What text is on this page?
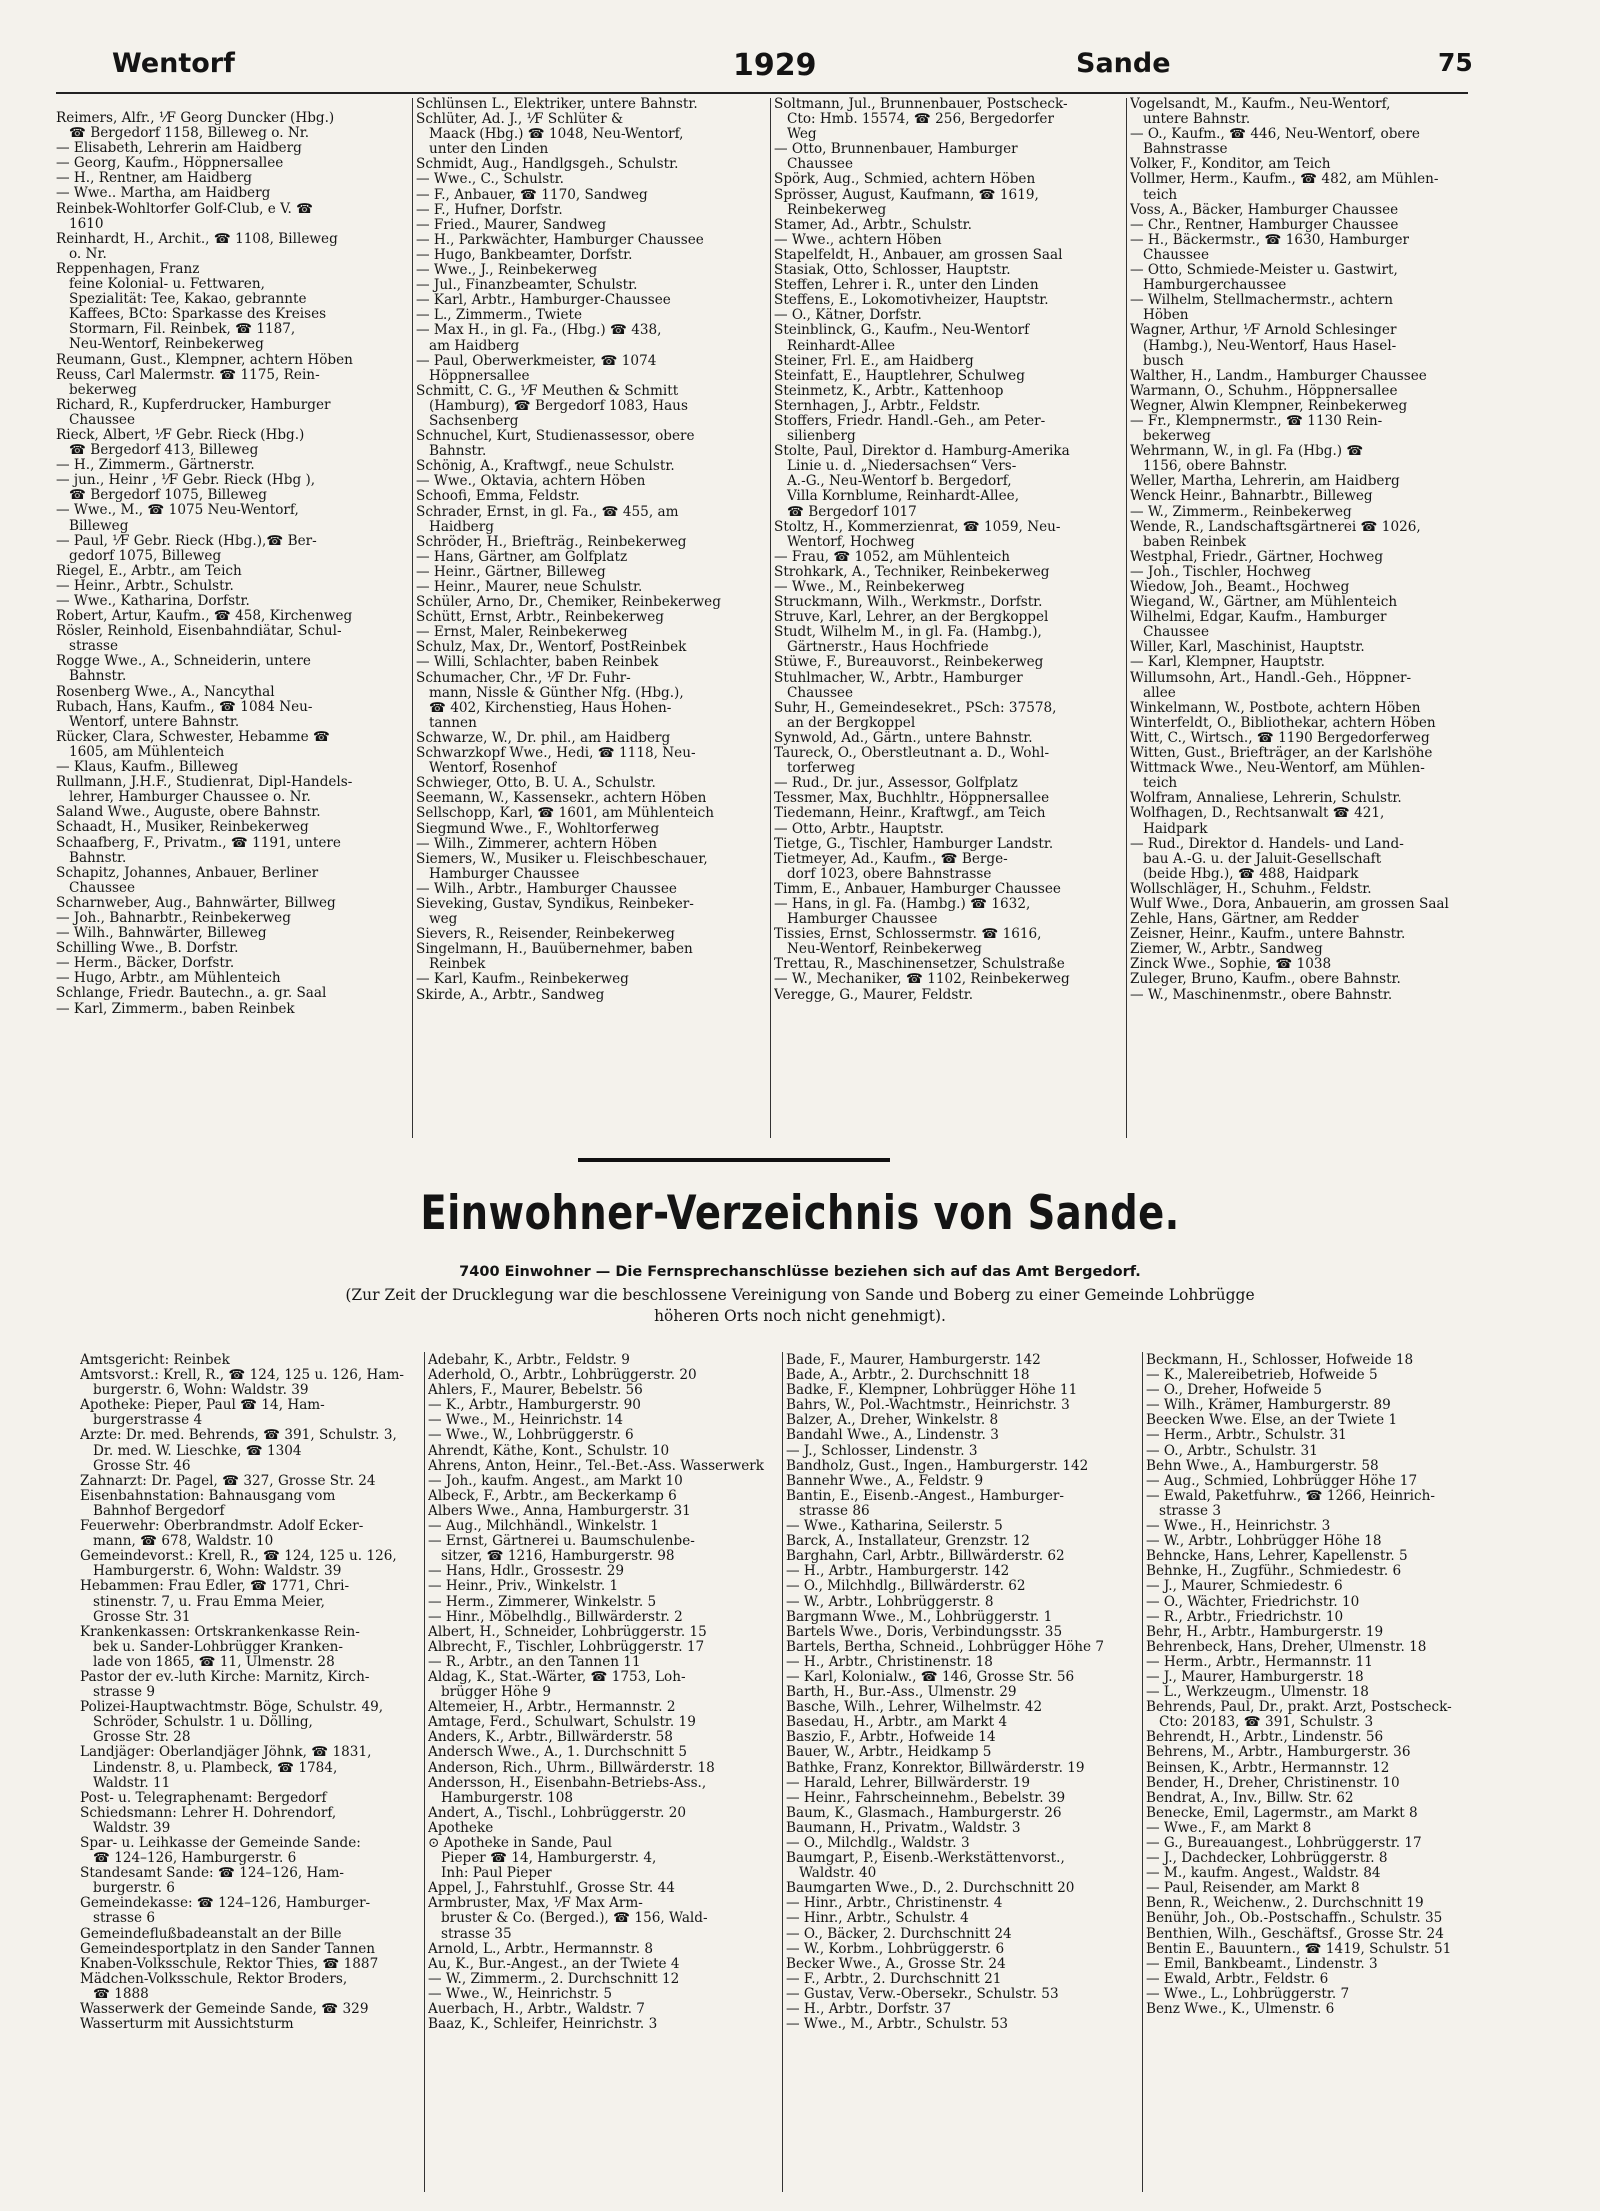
Wentorf	1929	Sande	75
Reimers, Alfr., ⅟F Georg Duncker (Hbg.)
☎ Bergedorf 1158, Billeweg o. Nr.
— Elisabeth, Lehrerin am Haidberg
— Georg, Kaufm., Höppnersallee
— H., Rentner, am Haidberg
— Wwe.. Martha, am Haidberg
Reinbek-Wohltorfer Golf-Club, e V. ☎
1610
Reinhardt, H., Archit., ☎ 1108, Billeweg
o. Nr.
Reppenhagen, Franz
feine Kolonial- u. Fettwaren,
Spezialität: Tee, Kakao, gebrannte
Kaffees, BCto: Sparkasse des Kreises
Stormarn, Fil. Reinbek, ☎ 1187,
Neu-Wentorf, Reinbekerweg
Reumann, Gust., Klempner, achtern Höben
Reuss, Carl Malermstr. ☎ 1175, Rein-
bekerweg
Richard, R., Kupferdrucker, Hamburger
Chaussee
Rieck, Albert, ⅟F Gebr. Rieck (Hbg.)
☎ Bergedorf 413, Billeweg
— H., Zimmerm., Gärtnerstr.
— jun., Heinr , ⅟F Gebr. Rieck (Hbg ),
☎ Bergedorf 1075, Billeweg
— Wwe., M., ☎ 1075 Neu-Wentorf,
Billeweg
— Paul, ⅟F Gebr. Rieck (Hbg.),☎ Ber-
gedorf 1075, Billeweg
Riegel, E., Arbtr., am Teich
— Heinr., Arbtr., Schulstr.
— Wwe., Katharina, Dorfstr.
Robert, Artur, Kaufm., ☎ 458, Kirchenweg
Rösler, Reinhold, Eisenbahndiätar, Schul-
strasse
Rogge Wwe., A., Schneiderin, untere
Bahnstr.
Rosenberg Wwe., A., Nancythal
Rubach, Hans, Kaufm., ☎ 1084 Neu-
Wentorf, untere Bahnstr.
Rücker, Clara, Schwester, Hebamme ☎
1605, am Mühlenteich
— Klaus, Kaufm., Billeweg
Rullmann, J.H.F., Studienrat, Dipl-Handels-
lehrer, Hamburger Chaussee o. Nr.
Saland Wwe., Auguste, obere Bahnstr.
Schaadt, H., Musiker, Reinbekerweg
Schaafberg, F., Privatm., ☎ 1191, untere
Bahnstr.
Schapitz, Johannes, Anbauer, Berliner
Chaussee
Scharnweber, Aug., Bahnwärter, Billweg
— Joh., Bahnarbtr., Reinbekerweg
— Wilh., Bahnwärter, Billeweg
Schilling Wwe., B. Dorfstr.
— Herm., Bäcker, Dorfstr.
— Hugo, Arbtr., am Mühlenteich
Schlange, Friedr. Bautechn., a. gr. Saal
— Karl, Zimmerm., baben Reinbek
Schlünsen L., Elektriker, untere Bahnstr.
Schlüter, Ad. J., ⅟F Schlüter &
Maack (Hbg.) ☎ 1048, Neu-Wentorf,
unter den Linden
Schmidt, Aug., Handlgsgeh., Schulstr.
— Wwe., C., Schulstr.
— F., Anbauer, ☎ 1170, Sandweg
— F., Hufner, Dorfstr.
— Fried., Maurer, Sandweg
— H., Parkwächter, Hamburger Chaussee
— Hugo, Bankbeamter, Dorfstr.
— Wwe., J., Reinbekerweg
— Jul., Finanzbeamter, Schulstr.
— Karl, Arbtr., Hamburger-Chaussee
— L., Zimmerm., Twiete
— Max H., in gl. Fa., (Hbg.) ☎ 438,
am Haidberg
— Paul, Oberwerkmeister, ☎ 1074
Höppnersallee
Schmitt, C. G., ⅟F Meuthen & Schmitt
(Hamburg), ☎ Bergedorf 1083, Haus
Sachsenberg
Schnuchel, Kurt, Studienassessor, obere
Bahnstr.
Schönig, A., Kraftwgf., neue Schulstr.
— Wwe., Oktavia, achtern Höben
Schoofi, Emma, Feldstr.
Schrader, Ernst, in gl. Fa., ☎ 455, am
Haidberg
Schröder, H., Briefträg., Reinbekerweg
— Hans, Gärtner, am Golfplatz
— Heinr., Gärtner, Billeweg
— Heinr., Maurer, neue Schulstr.
Schüler, Arno, Dr., Chemiker, Reinbekerweg
Schütt, Ernst, Arbtr., Reinbekerweg
— Ernst, Maler, Reinbekerweg
Schulz, Max, Dr., Wentorf, PostReinbek
— Willi, Schlachter, baben Reinbek
Schumacher, Chr., ⅟F Dr. Fuhr-
mann, Nissle & Günther Nfg. (Hbg.),
☎ 402, Kirchenstieg, Haus Hohen-
tannen
Schwarze, W., Dr. phil., am Haidberg
Schwarzkopf Wwe., Hedi, ☎ 1118, Neu-
Wentorf, Rosenhof
Schwieger, Otto, B. U. A., Schulstr.
Seemann, W., Kassensekr., achtern Höben
Sellschopp, Karl, ☎ 1601, am Mühlenteich
Siegmund Wwe., F., Wohltorferweg
— Wilh., Zimmerer, achtern Höben
Siemers, W., Musiker u. Fleischbeschauer,
Hamburger Chaussee
— Wilh., Arbtr., Hamburger Chaussee
Sieveking, Gustav, Syndikus, Reinbeker-
weg
Sievers, R., Reisender, Reinbekerweg
Singelmann, H., Bauübernehmer, baben
Reinbek
— Karl, Kaufm., Reinbekerweg
Skirde, A., Arbtr., Sandweg
Soltmann, Jul., Brunnenbauer, Postscheck-
Cto: Hmb. 15574, ☎ 256, Bergedorfer
Weg
— Otto, Brunnenbauer, Hamburger
Chaussee
Spörk, Aug., Schmied, achtern Höben
Sprösser, August, Kaufmann, ☎ 1619,
Reinbekerweg
Stamer, Ad., Arbtr., Schulstr.
— Wwe., achtern Höben
Stapelfeldt, H., Anbauer, am grossen Saal
Stasiak, Otto, Schlosser, Hauptstr.
Steffen, Lehrer i. R., unter den Linden
Steffens, E., Lokomotivheizer, Hauptstr.
— O., Kätner, Dorfstr.
Steinblinck, G., Kaufm., Neu-Wentorf
Reinhardt-Allee
Steiner, Frl. E., am Haidberg
Steinfatt, E., Hauptlehrer, Schulweg
Steinmetz, K., Arbtr., Kattenhoop
Sternhagen, J., Arbtr., Feldstr.
Stoffers, Friedr. Handl.-Geh., am Peter-
silienberg
Stolte, Paul, Direktor d. Hamburg-Amerika
Linie u. d. „Niedersachsen“ Vers-
A.-G., Neu-Wentorf b. Bergedorf,
Villa Kornblume, Reinhardt-Allee,
☎ Bergedorf 1017
Stoltz, H., Kommerzienrat, ☎ 1059, Neu-
Wentorf, Hochweg
— Frau, ☎ 1052, am Mühlenteich
Strohkark, A., Techniker, Reinbekerweg
— Wwe., M., Reinbekerweg
Struckmann, Wilh., Werkmstr., Dorfstr.
Struve, Karl, Lehrer, an der Bergkoppel
Studt, Wilhelm M., in gl. Fa. (Hambg.),
Gärtnerstr., Haus Hochfriede
Stüwe, F., Bureauvorst., Reinbekerweg
Stuhlmacher, W., Arbtr., Hamburger
Chaussee
Suhr, H., Gemeindesekret., PSch: 37578,
an der Bergkoppel
Synwold, Ad., Gärtn., untere Bahnstr.
Taureck, O., Oberstleutnant a. D., Wohl-
torferweg
— Rud., Dr. jur., Assessor, Golfplatz
Tessmer, Max, Buchhltr., Höppnersallee
Tiedemann, Heinr., Kraftwgf., am Teich
— Otto, Arbtr., Hauptstr.
Tietge, G., Tischler, Hamburger Landstr.
Tietmeyer, Ad., Kaufm., ☎ Berge-
dorf 1023, obere Bahnstrasse
Timm, E., Anbauer, Hamburger Chaussee
— Hans, in gl. Fa. (Hambg.) ☎ 1632,
Hamburger Chaussee
Tissies, Ernst, Schlossermstr. ☎ 1616,
Neu-Wentorf, Reinbekerweg
Trettau, R., Maschinensetzer, Schulstraße
— W., Mechaniker, ☎ 1102, Reinbekerweg
Veregge, G., Maurer, Feldstr.
Vogelsandt, M., Kaufm., Neu-Wentorf,
untere Bahnstr.
— O., Kaufm., ☎ 446, Neu-Wentorf, obere
Bahnstrasse
Volker, F., Konditor, am Teich
Vollmer, Herm., Kaufm., ☎ 482, am Mühlen-
teich
Voss, A., Bäcker, Hamburger Chaussee
— Chr., Rentner, Hamburger Chaussee
— H., Bäckermstr., ☎ 1630, Hamburger
Chaussee
— Otto, Schmiede-Meister u. Gastwirt,
Hamburgerchaussee
— Wilhelm, Stellmachermstr., achtern
Höben
Wagner, Arthur, ⅟F Arnold Schlesinger
(Hambg.), Neu-Wentorf, Haus Hasel-
busch
Walther, H., Landm., Hamburger Chaussee
Warmann, O., Schuhm., Höppnersallee
Wegner, Alwin Klempner, Reinbekerweg
— Fr., Klempnermstr., ☎ 1130 Rein-
bekerweg
Wehrmann, W., in gl. Fa (Hbg.) ☎
1156, obere Bahnstr.
Weller, Martha, Lehrerin, am Haidberg
Wenck Heinr., Bahnarbtr., Billeweg
— W., Zimmerm., Reinbekerweg
Wende, R., Landschaftsgärtnerei ☎ 1026,
baben Reinbek
Westphal, Friedr., Gärtner, Hochweg
— Joh., Tischler, Hochweg
Wiedow, Joh., Beamt., Hochweg
Wiegand, W., Gärtner, am Mühlenteich
Wilhelmi, Edgar, Kaufm., Hamburger
Chaussee
Willer, Karl, Maschinist, Hauptstr.
— Karl, Klempner, Hauptstr.
Willumsohn, Art., Handl.-Geh., Höppner-
allee
Winkelmann, W., Postbote, achtern Höben
Winterfeldt, O., Bibliothekar, achtern Höben
Witt, C., Wirtsch., ☎ 1190 Bergedorferweg
Witten, Gust., Briefträger, an der Karlshöhe
Wittmack Wwe., Neu-Wentorf, am Mühlen-
teich
Wolfram, Annaliese, Lehrerin, Schulstr.
Wolfhagen, D., Rechtsanwalt ☎ 421,
Haidpark
— Rud., Direktor d. Handels- und Land-
bau A.-G. u. der Jaluit-Gesellschaft
(beide Hbg.), ☎ 488, Haidpark
Wollschläger, H., Schuhm., Feldstr.
Wulf Wwe., Dora, Anbauerin, am grossen Saal
Zehle, Hans, Gärtner, am Redder
Zeisner, Heinr., Kaufm., untere Bahnstr.
Ziemer, W., Arbtr., Sandweg
Zinck Wwe., Sophie, ☎ 1038
Zuleger, Bruno, Kaufm., obere Bahnstr.
— W., Maschinenmstr., obere Bahnstr.
Einwohner-Verzeichnis von Sande.
7400 Einwohner — Die Fernsprechanschlüsse beziehen sich auf das Amt Bergedorf.
(Zur Zeit der Drucklegung war die beschlossene Vereinigung von Sande und Boberg zu einer Gemeinde Lohbrügge
höheren Orts noch nicht genehmigt).
Amtsgericht: Reinbek
Amtsvorst.: Krell, R., ☎ 124, 125 u. 126, Ham-
burgerstr. 6, Wohn: Waldstr. 39
Apotheke: Pieper, Paul ☎ 14, Ham-
burgerstrasse 4
Ärzte: Dr. med. Behrends, ☎ 391, Schulstr. 3,
Dr. med. W. Lieschke, ☎ 1304
Grosse Str. 46
Zahnarzt: Dr. Pagel, ☎ 327, Grosse Str. 24
Eisenbahnstation: Bahnausgang vom
Bahnhof Bergedorf
Feuerwehr: Oberbrandmstr. Adolf Ecker-
mann, ☎ 678, Waldstr. 10
Gemeindevorst.: Krell, R., ☎ 124, 125 u. 126,
Hamburgerstr. 6, Wohn: Waldstr. 39
Hebammen: Frau Edler, ☎ 1771, Chri-
stinenstr. 7, u. Frau Emma Meier,
Grosse Str. 31
Krankenkassen: Ortskrankenkasse Rein-
bek u. Sander-Lohbrügger Kranken-
lade von 1865, ☎ 11, Ulmenstr. 28
Pastor der ev.-luth Kirche: Marnitz, Kirch-
strasse 9
Polizei-Hauptwachtmstr. Böge, Schulstr. 49,
Schröder, Schulstr. 1 u. Dölling,
Grosse Str. 28
Landjäger: Oberlandjäger Jöhnk, ☎ 1831,
Lindenstr. 8, u. Plambeck, ☎ 1784,
Waldstr. 11
Post- u. Telegraphenamt: Bergedorf
Schiedsmann: Lehrer H. Dohrendorf,
Waldstr. 39
Spar- u. Leihkasse der Gemeinde Sande:
☎ 124–126, Hamburgerstr. 6
Standesamt Sande: ☎ 124–126, Ham-
burgerstr. 6
Gemeindekasse: ☎ 124–126, Hamburger-
strasse 6
Gemeindeflußbadeanstalt an der Bille
Gemeindesportplatz in den Sander Tannen
Knaben-Volksschule, Rektor Thies, ☎ 1887
Mädchen-Volksschule, Rektor Broders,
☎ 1888
Wasserwerk der Gemeinde Sande, ☎ 329
Wasserturm mit Aussichtsturm
Adebahr, K., Arbtr., Feldstr. 9
Aderhold, O., Arbtr., Lohbrüggerstr. 20
Ahlers, F., Maurer, Bebelstr. 56
— K., Arbtr., Hamburgerstr. 90
— Wwe., M., Heinrichstr. 14
— Wwe., W., Lohbrüggerstr. 6
Ahrendt, Käthe, Kont., Schulstr. 10
Ahrens, Anton, Heinr., Tel.-Bet.-Ass. Wasserwerk
— Joh., kaufm. Angest., am Markt 10
Albeck, F., Arbtr., am Beckerkamp 6
Albers Wwe., Anna, Hamburgerstr. 31
— Aug., Milchhändl., Winkelstr. 1
— Ernst, Gärtnerei u. Baumschulenbe-
sitzer, ☎ 1216, Hamburgerstr. 98
— Hans, Hdlr., Grossestr. 29
— Heinr., Priv., Winkelstr. 1
— Herm., Zimmerer, Winkelstr. 5
— Hinr., Möbelhdlg., Billwärderstr. 2
Albert, H., Schneider, Lohbrüggerstr. 15
Albrecht, F., Tischler, Lohbrüggerstr. 17
— R., Arbtr., an den Tannen 11
Aldag, K., Stat.-Wärter, ☎ 1753, Loh-
brügger Höhe 9
Altemeier, H., Arbtr., Hermannstr. 2
Amtage, Ferd., Schulwart, Schulstr. 19
Anders, K., Arbtr., Billwärderstr. 58
Andersch Wwe., A., 1. Durchschnitt 5
Anderson, Rich., Uhrm., Billwärderstr. 18
Andersson, H., Eisenbahn-Betriebs-Ass.,
Hamburgerstr. 108
Andert, A., Tischl., Lohbrüggerstr. 20
Apotheke
⊙ Apotheke in Sande, Paul
Pieper ☎ 14, Hamburgerstr. 4,
Inh: Paul Pieper
Appel, J., Fahrstuhlf., Grosse Str. 44
Armbruster, Max, ⅟F Max Arm-
bruster & Co. (Berged.), ☎ 156, Wald-
strasse 35
Arnold, L., Arbtr., Hermannstr. 8
Au, K., Bur.-Angest., an der Twiete 4
— W., Zimmerm., 2. Durchschnitt 12
— Wwe., W., Heinrichstr. 5
Auerbach, H., Arbtr., Waldstr. 7
Baaz, K., Schleifer, Heinrichstr. 3
Bade, F., Maurer, Hamburgerstr. 142
Bade, A., Arbtr., 2. Durchschnitt 18
Badke, F., Klempner, Lohbrügger Höhe 11
Bahrs, W., Pol.-Wachtmstr., Heinrichstr. 3
Balzer, A., Dreher, Winkelstr. 8
Bandahl Wwe., A., Lindenstr. 3
— J., Schlosser, Lindenstr. 3
Bandholz, Gust., Ingen., Hamburgerstr. 142
Bannehr Wwe., A., Feldstr. 9
Bantin, E., Eisenb.-Angest., Hamburger-
strasse 86
— Wwe., Katharina, Seilerstr. 5
Barck, A., Installateur, Grenzstr. 12
Barghahn, Carl, Arbtr., Billwärderstr. 62
— H., Arbtr., Hamburgerstr. 142
— O., Milchhdlg., Billwärderstr. 62
— W., Arbtr., Lohbrüggerstr. 8
Bargmann Wwe., M., Lohbrüggerstr. 1
Bartels Wwe., Doris, Verbindungsstr. 35
Bartels, Bertha, Schneid., Lohbrügger Höhe 7
— H., Arbtr., Christinenstr. 18
— Karl, Kolonialw., ☎ 146, Grosse Str. 56
Barth, H., Bur.-Ass., Ulmenstr. 29
Basche, Wilh., Lehrer, Wilhelmstr. 42
Basedau, H., Arbtr., am Markt 4
Baszio, F., Arbtr., Hofweide 14
Bauer, W., Arbtr., Heidkamp 5
Bathke, Franz, Konrektor, Billwärderstr. 19
— Harald, Lehrer, Billwärderstr. 19
— Heinr., Fahrscheinnehm., Bebelstr. 39
Baum, K., Glasmach., Hamburgerstr. 26
Baumann, H., Privatm., Waldstr. 3
— O., Milchdlg., Waldstr. 3
Baumgart, P., Eisenb.-Werkstättenvorst.,
Waldstr. 40
Baumgarten Wwe., D., 2. Durchschnitt 20
— Hinr., Arbtr., Christinenstr. 4
— Hinr., Arbtr., Schulstr. 4
— O., Bäcker, 2. Durchschnitt 24
— W., Korbm., Lohbrüggerstr. 6
Becker Wwe., A., Grosse Str. 24
— F., Arbtr., 2. Durchschnitt 21
— Gustav, Verw.-Obersekr., Schulstr. 53
— H., Arbtr., Dorfstr. 37
— Wwe., M., Arbtr., Schulstr. 53
Beckmann, H., Schlosser, Hofweide 18
— K., Malereibetrieb, Hofweide 5
— O., Dreher, Hofweide 5
— Wilh., Krämer, Hamburgerstr. 89
Beecken Wwe. Else, an der Twiete 1
— Herm., Arbtr., Schulstr. 31
— O., Arbtr., Schulstr. 31
Behn Wwe., A., Hamburgerstr. 58
— Aug., Schmied, Lohbrügger Höhe 17
— Ewald, Paketfuhrw., ☎ 1266, Heinrich-
strasse 3
— Wwe., H., Heinrichstr. 3
— W., Arbtr., Lohbrügger Höhe 18
Behncke, Hans, Lehrer, Kapellenstr. 5
Behnke, H., Zugführ., Schmiedestr. 6
— J., Maurer, Schmiedestr. 6
— O., Wächter, Friedrichstr. 10
— R., Arbtr., Friedrichstr. 10
Behr, H., Arbtr., Hamburgerstr. 19
Behrenbeck, Hans, Dreher, Ulmenstr. 18
— Herm., Arbtr., Hermannstr. 11
— J., Maurer, Hamburgerstr. 18
— L., Werkzeugm., Ulmenstr. 18
Behrends, Paul, Dr., prakt. Arzt, Postscheck-
Cto: 20183, ☎ 391, Schulstr. 3
Behrendt, H., Arbtr., Lindenstr. 56
Behrens, M., Arbtr., Hamburgerstr. 36
Beinsen, K., Arbtr., Hermannstr. 12
Bender, H., Dreher, Christinenstr. 10
Bendrat, A., Inv., Billw. Str. 62
Benecke, Emil, Lagermstr., am Markt 8
— Wwe., F., am Markt 8
— G., Bureauangest., Lohbrüggerstr. 17
— J., Dachdecker, Lohbrüggerstr. 8
— M., kaufm. Angest., Waldstr. 84
— Paul, Reisender, am Markt 8
Benn, R., Weichenw., 2. Durchschnitt 19
Benühr, Joh., Ob.-Postschaffn., Schulstr. 35
Benthien, Wilh., Geschäftsf., Grosse Str. 24
Bentin E., Bauuntern., ☎ 1419, Schulstr. 51
— Emil, Bankbeamt., Lindenstr. 3
— Ewald, Arbtr., Feldstr. 6
— Wwe., L., Lohbrüggerstr. 7
Benz Wwe., K., Ulmenstr. 6
